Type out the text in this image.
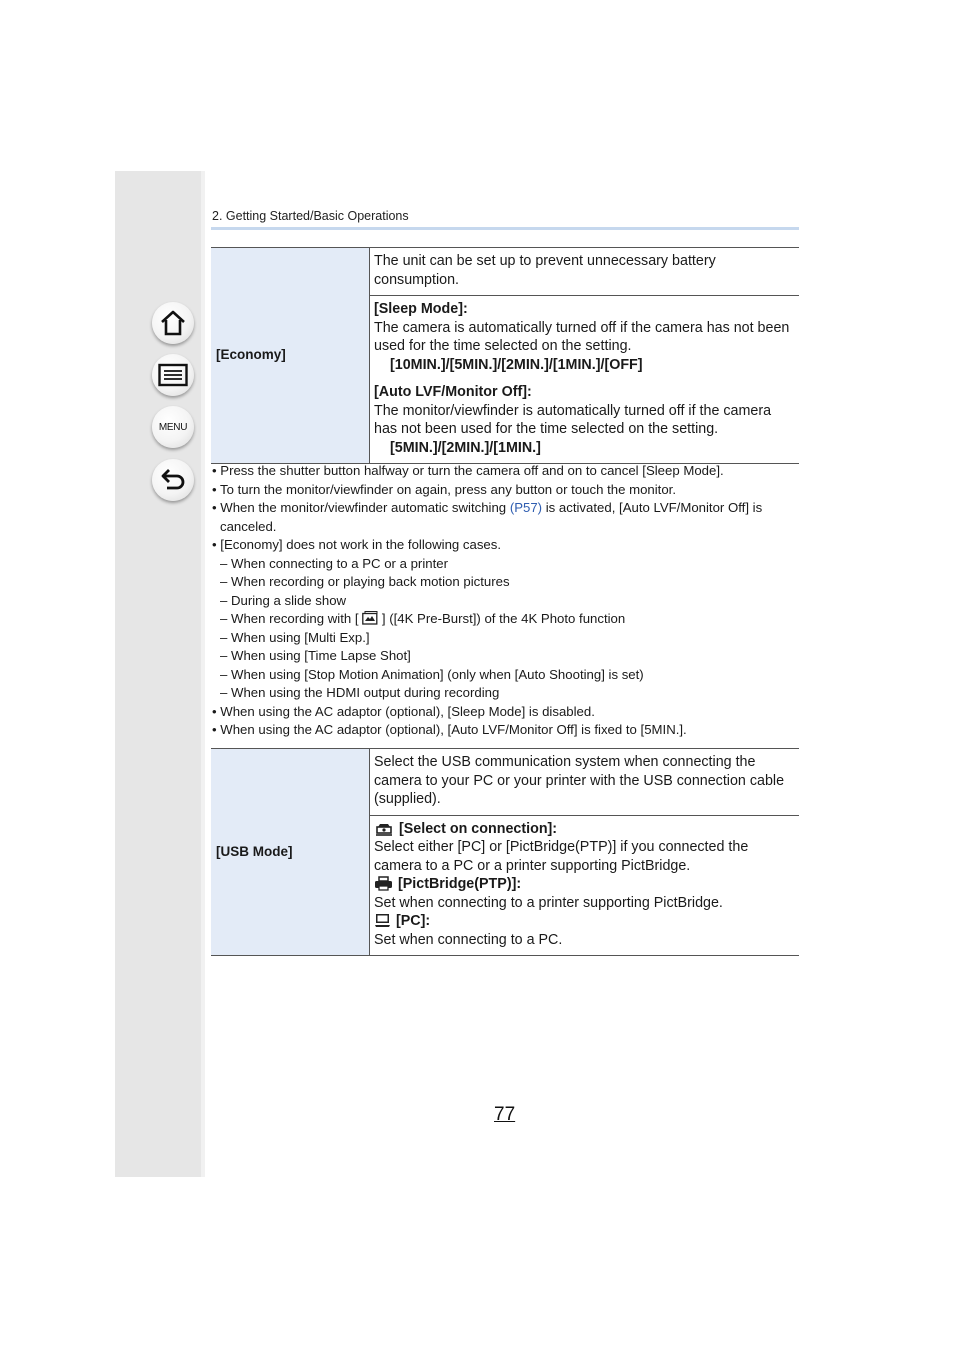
MENU
2. Getting Started/Basic Operations
[Economy]	The unit can be set up to prevent unnecessary battery consumption.

[Sleep Mode]:
The camera is automatically turned off if the camera has not been used for the time selected on the setting.
[10MIN.]/[5MIN.]/[2MIN.]/[1MIN.]/[OFF]
[Auto LVF/Monitor Off]:
The monitor/viewfinder is automatically turned off if the camera has not been used for the time selected on the setting.
[5MIN.]/[2MIN.]/[1MIN.]
• Press the shutter button halfway or turn the camera off and on to cancel [Sleep Mode].
• To turn the monitor/viewfinder on again, press any button or touch the monitor.
• When the monitor/viewfinder automatic switching (P57) is activated, [Auto LVF/Monitor Off] is canceled.
• [Economy] does not work in the following cases.
– When connecting to a PC or a printer
– When recording or playing back motion pictures
– During a slide show
– When recording with [  ] ([4K Pre-Burst]) of the 4K Photo function
– When using [Multi Exp.]
– When using [Time Lapse Shot]
– When using [Stop Motion Animation] (only when [Auto Shooting] is set)
– When using the HDMI output during recording
• When using the AC adaptor (optional), [Sleep Mode] is disabled.
• When using the AC adaptor (optional), [Auto LVF/Monitor Off] is fixed to [5MIN.].
[USB Mode]	Select the USB communication system when connecting the camera to your PC or your printer with the USB connection cable (supplied).

[Select on connection]:
Select either [PC] or [PictBridge(PTP)] if you connected the camera to a PC or a printer supporting PictBridge.
[PictBridge(PTP)]:
Set when connecting to a printer supporting PictBridge.
[PC]:
Set when connecting to a PC.
77
